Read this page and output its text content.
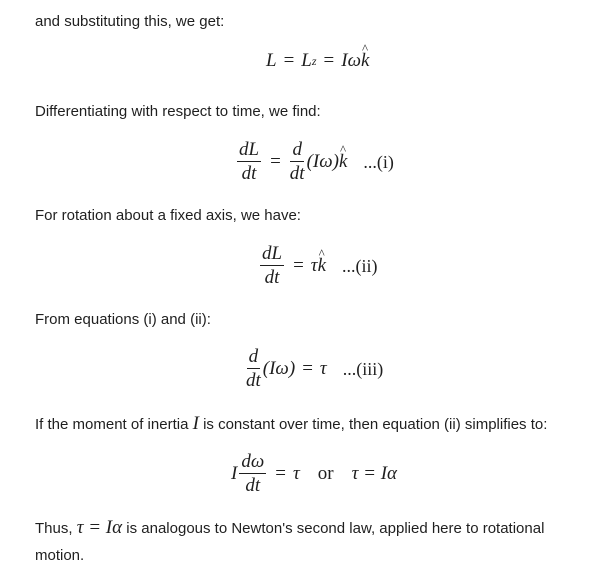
and substituting this, we get:

L = L z = Iω k ^

Differentiating with respect to time, we find:

$\frac{dL}{dt} = \frac{d}{dt} (I\omega)$ k ^ ...(i)

For rotation about a fixed axis, we have:

$\frac{dL}{dt} = \tau$ k ^ ...(ii)

From equations (i) and (ii):

$\frac{d}{dt} (I\omega) = \tau$ ...(iii)

If the moment of inertia I is constant over time, then equation (ii) simplifies to:

I $\frac{d\omega}{dt} = \tau$ or τ = Iα

Thus, τ = Iα is analogous to Newton's second law, applied here to rotational

motion.
